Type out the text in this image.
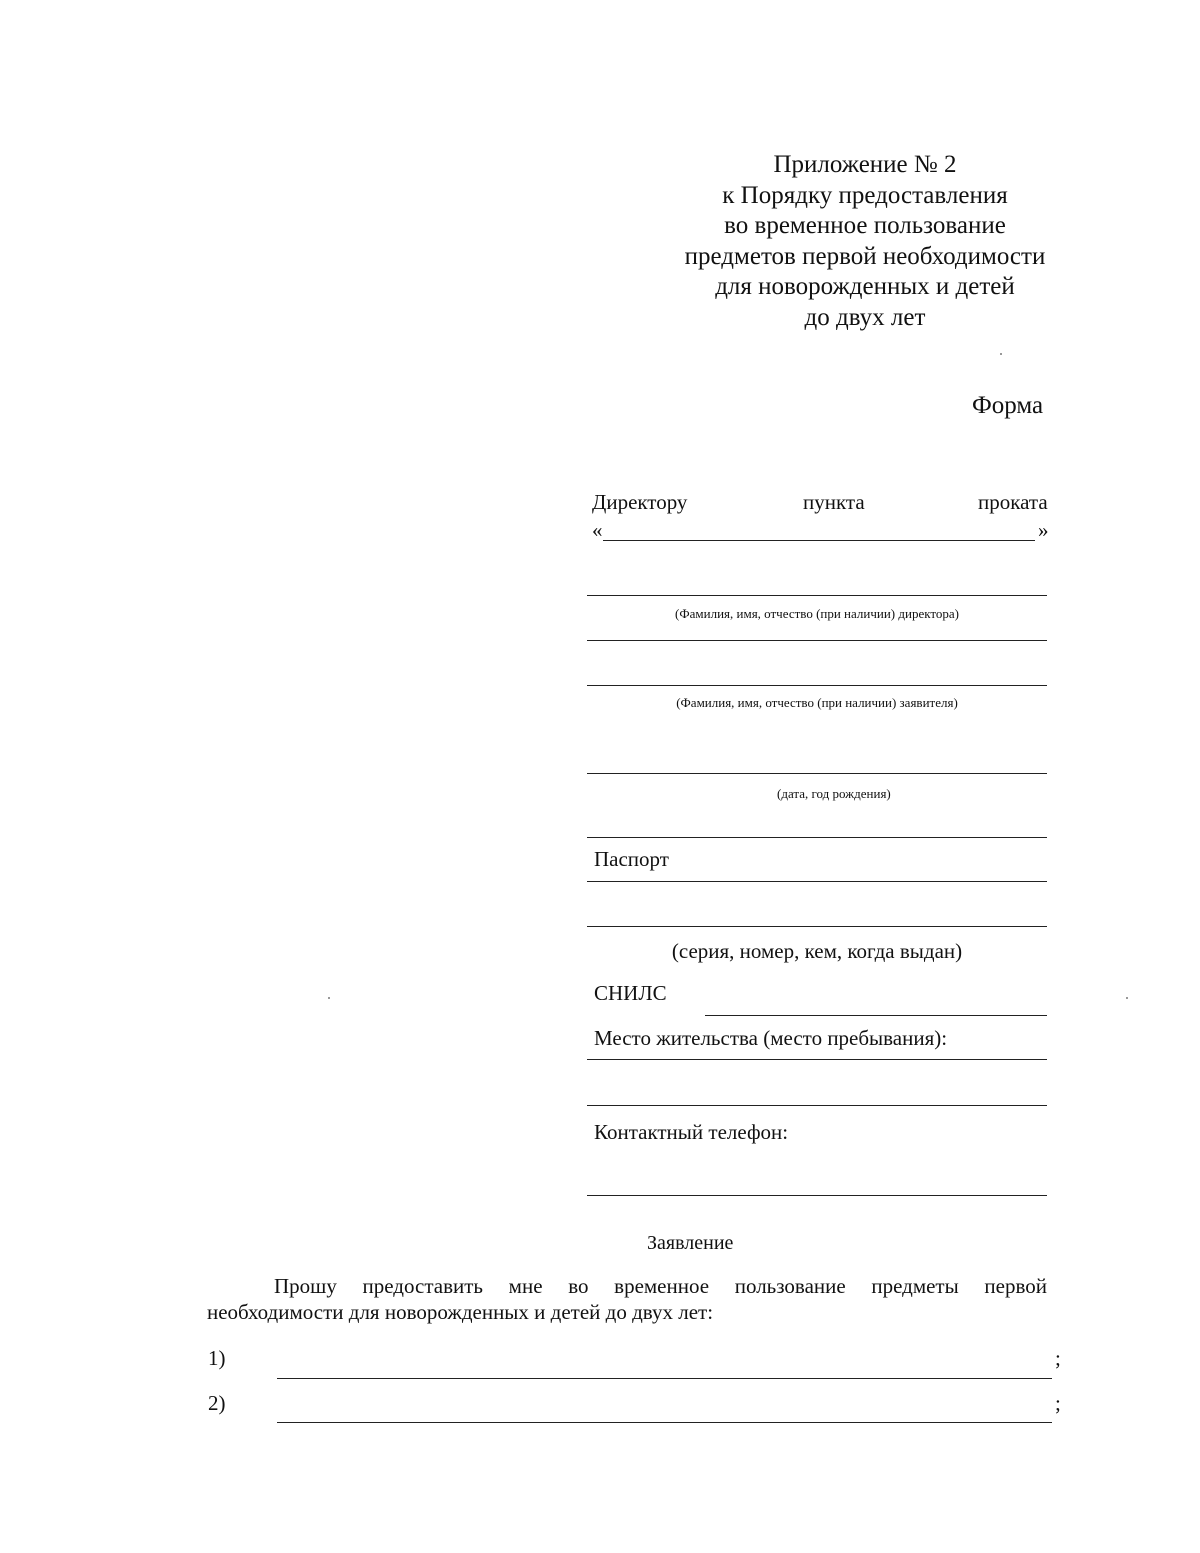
Приложение № 2
к Порядку предоставления
во временное пользование
предметов первой необходимости
для новорожденных и детей
до двух лет
Форма
Директору	пункта	проката
«	»
(Фамилия, имя, отчество (при наличии) директора)
(Фамилия, имя, отчество (при наличии) заявителя)
(дата, год рождения)
Паспорт
(серия, номер, кем, когда выдан)
СНИЛС
Место жительства (место пребывания):
Контактный телефон:
Заявление
Прошу предоставить мне во временное пользование предметы первой
необходимости для новорожденных и детей до двух лет:
1)	;
2)	;
